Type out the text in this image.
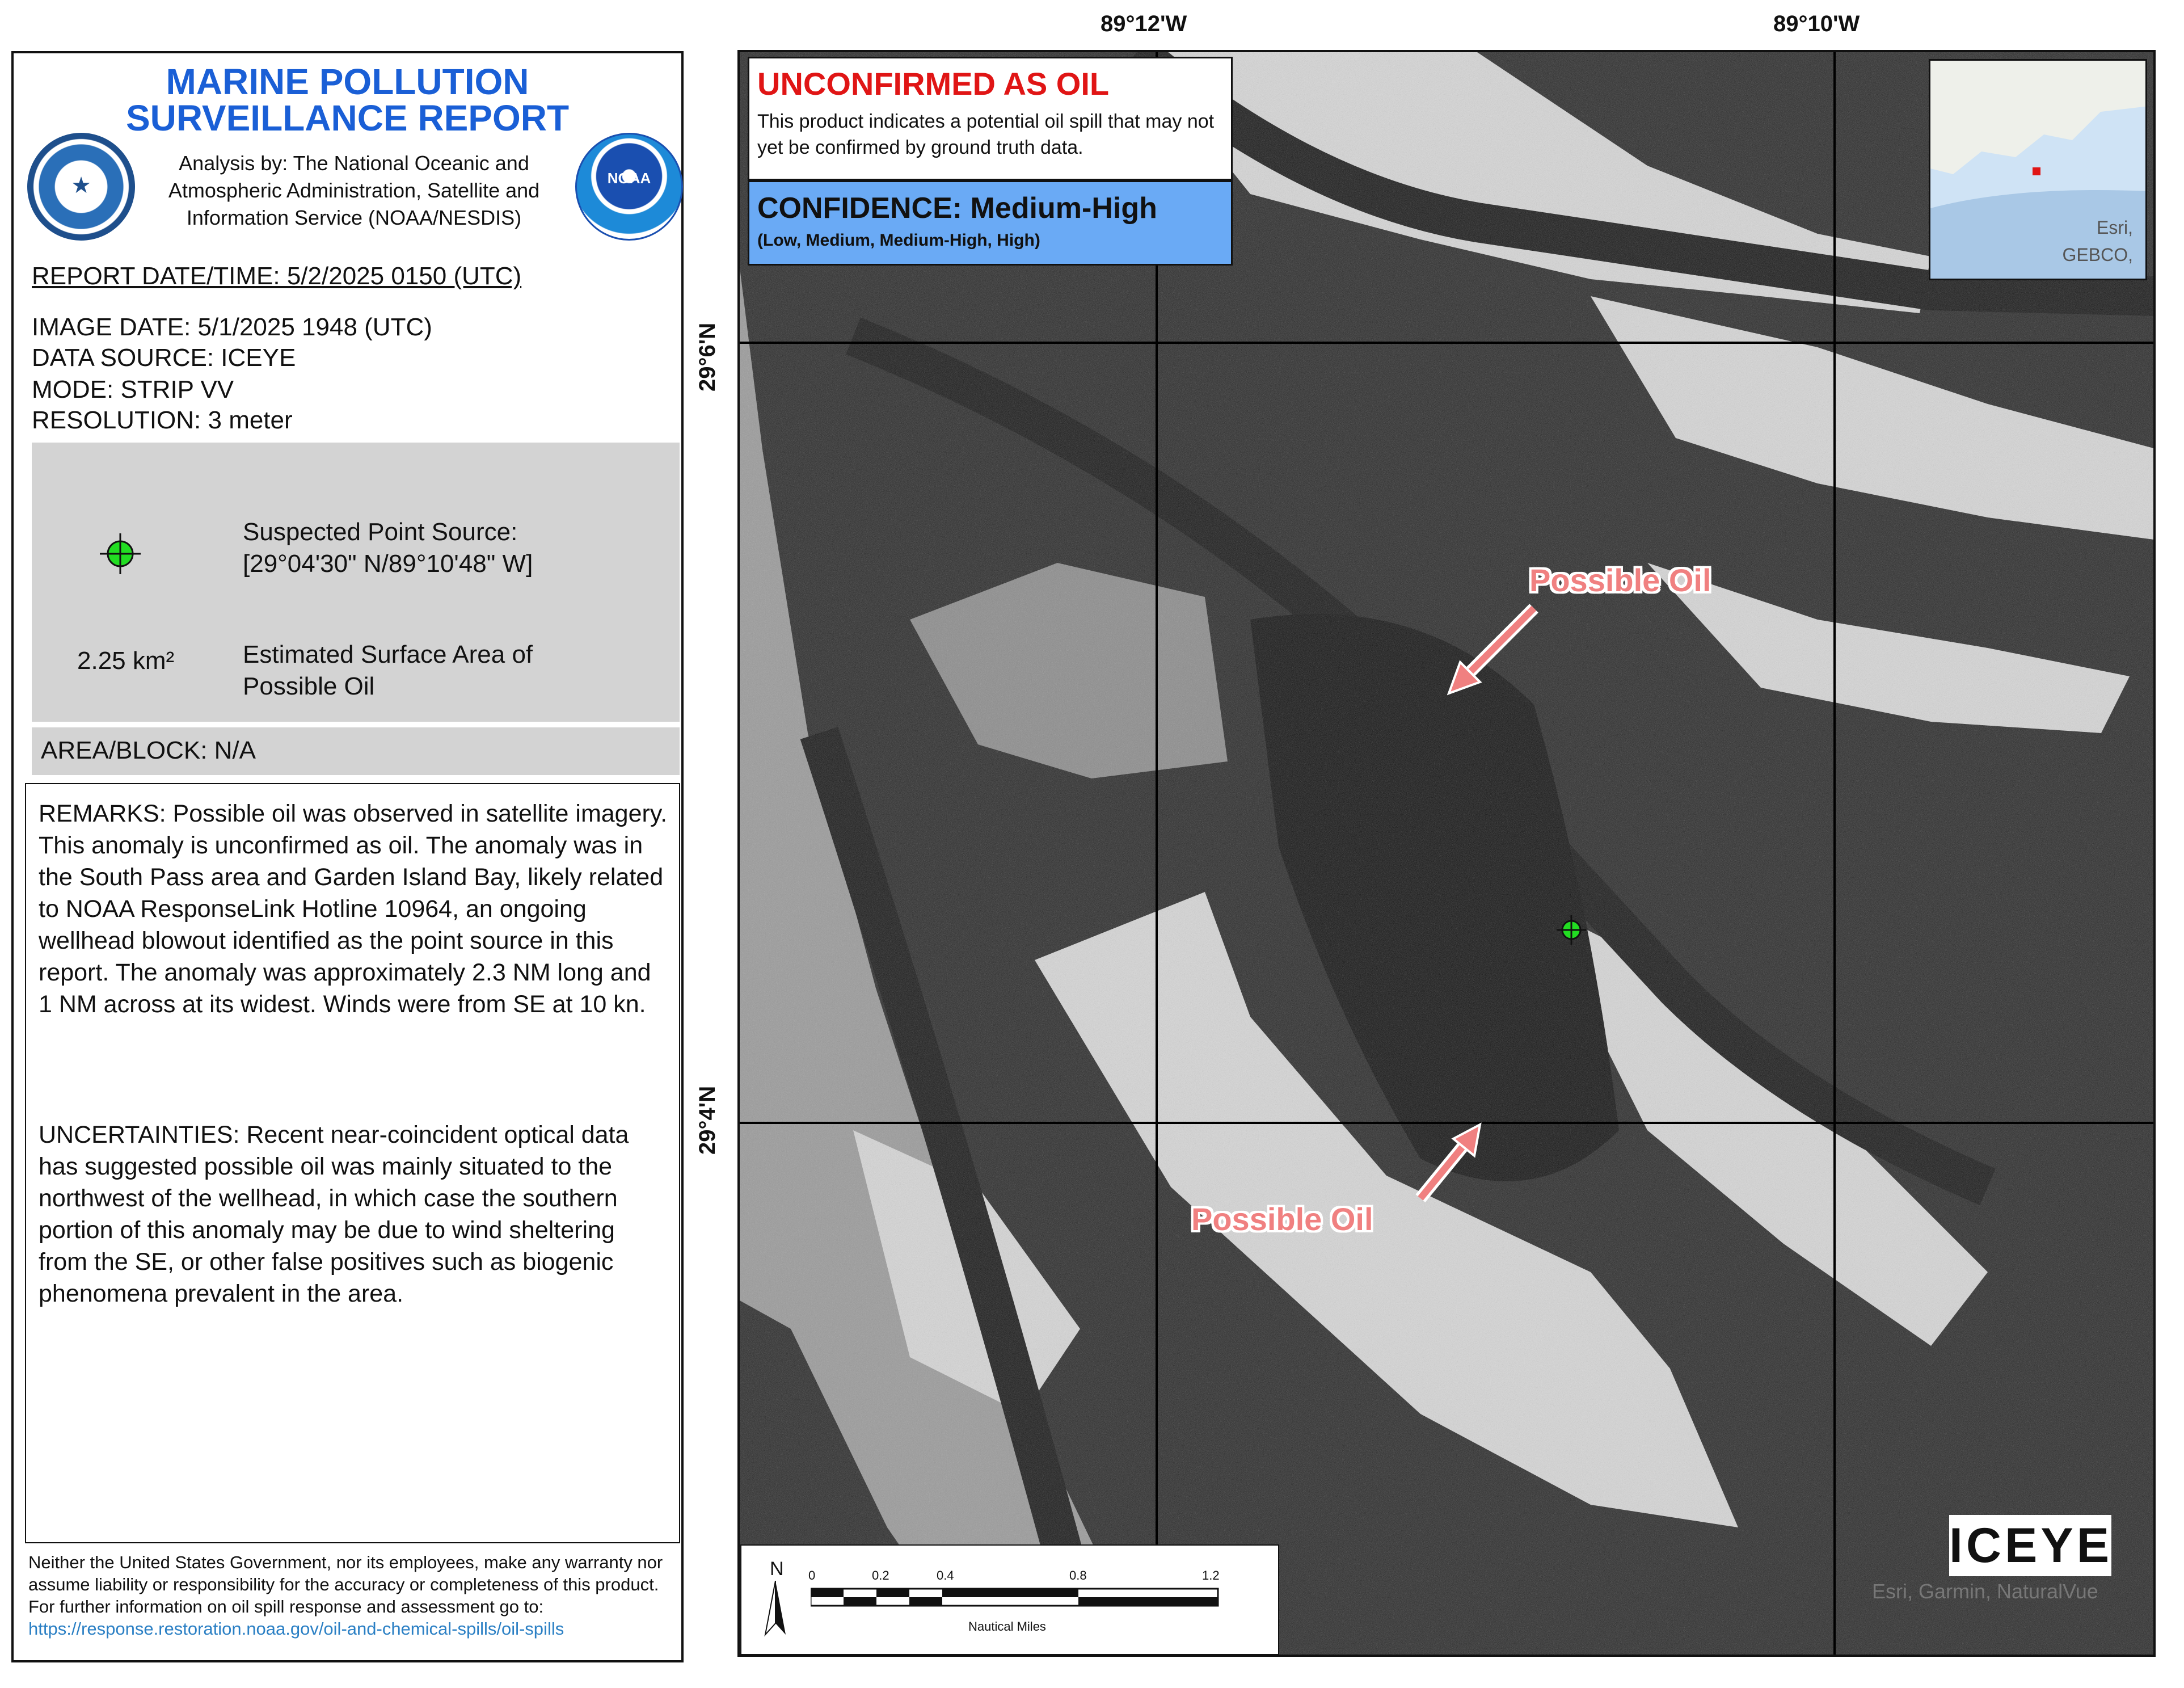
MARINE POLLUTION
SURVEILLANCE REPORT
★	NOAA
Analysis by: The National Oceanic and
Atmospheric Administration, Satellite and
Information Service (NOAA/NESDIS)
REPORT DATE/TIME: 5/2/2025 0150 (UTC)
IMAGE DATE: 5/1/2025 1948 (UTC)
DATA SOURCE: ICEYE
MODE: STRIP VV
RESOLUTION: 3 meter
Suspected Point Source:
[29°04'30" N/89°10'48" W]
2.25 km²	Estimated Surface Area of
Possible Oil
AREA/BLOCK: N/A
REMARKS: Possible oil was observed in satellite imagery. This anomaly is unconfirmed as oil. The anomaly was in the South Pass area and Garden Island Bay, likely related to NOAA ResponseLink Hotline 10964, an ongoing wellhead blowout identified as the point source in this report. The anomaly was approximately 2.3 NM long and 1 NM across at its widest. Winds were from SE at 10 kn.
UNCERTAINTIES: Recent near-coincident optical data has suggested possible oil was mainly situated to the northwest of the wellhead, in which case the southern portion of this anomaly may be due to wind sheltering from the SE, or other false positives such as biogenic phenomena prevalent in the area.
Neither the United States Government, nor its employees, make any warranty nor assume liability or responsibility for the accuracy or completeness of this product.
For further information on oil spill response and assessment go to: https://response.restoration.noaa.gov/oil-and-chemical-spills/oil-spills
89°12'W	89°10'W
29°6'N
29°4'N
Possible Oil
Possible Oil
UNCONFIRMED AS OIL
This product indicates a potential oil spill that may not yet be confirmed by ground truth data.
CONFIDENCE: Medium-High
(Low, Medium, Medium-High, High)
Esri,
GEBCO,
N 0	0.2	0.4	0.8	1.2
Nautical Miles
ICEYE
Esri, Garmin, NaturalVue
